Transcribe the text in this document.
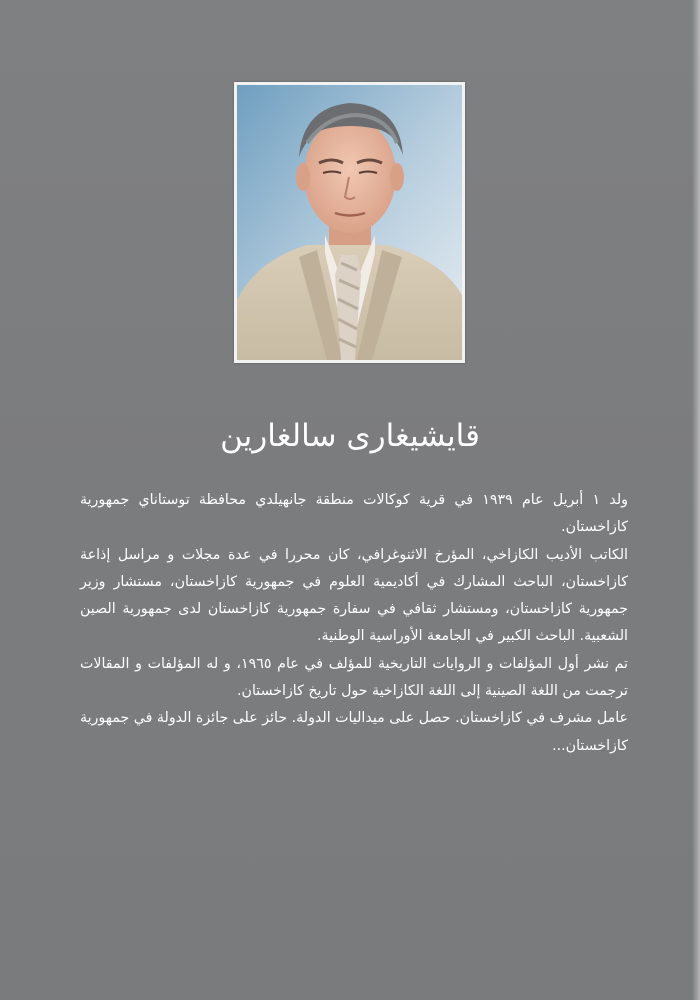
قايشيغارى سالغارين

ولد ١ أبريل عام ١٩٣٩ في قرية كوكالات منطقة جانهيلدي محافظة توستاناي جمهورية كازاخستان.

الكاتب الأديب الكازاخي، المؤرخ الاثنوغرافي، كان محررا في عدة مجلات و مراسل إذاعة كازاخستان، الباحث المشارك في أكاديمية العلوم في جمهورية كازاخستان، مستشار وزير جمهورية كازاخستان، ومستشار ثقافي في سفارة جمهورية كازاخستان لدى جمهورية الصين الشعبية. الباحث الكبير في الجامعة الأوراسية الوطنية.

تم نشر أول المؤلفات و الروايات التاريخية للمؤلف في عام ١٩٦٥، و له المؤلفات و المقالات ترجمت من اللغة الصينية إلى اللغة الكازاخية حول تاريخ كازاخستان.

عامل مشرف في كازاخستان. حصل على ميداليات الدولة. حائز على جائزة الدولة في جمهورية كازاخستان...
